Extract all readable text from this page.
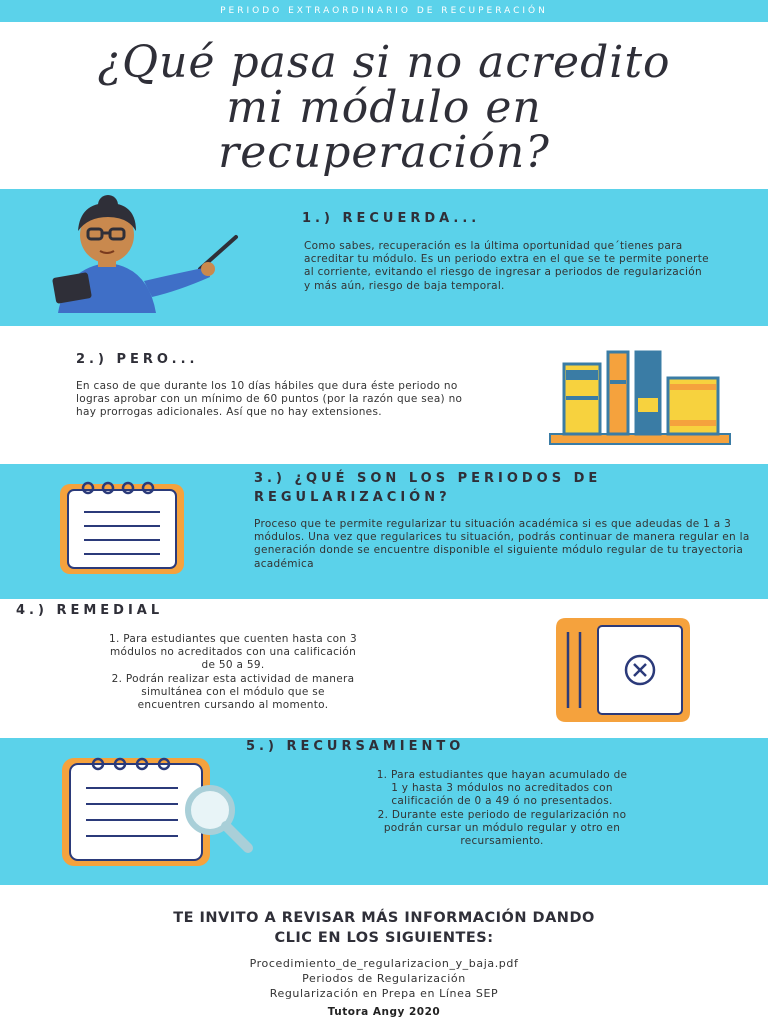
PERIODO EXTRAORDINARIO DE RECUPERACIÓN
¿Qué pasa si no acredito
mi módulo en
recuperación?
1.) RECUERDA...
Como sabes, recuperación es la última oportunidad que´tienes para acreditar tu módulo. Es un periodo extra en el que se te permite ponerte al corriente, evitando el riesgo de ingresar a periodos de regularización y más aún, riesgo de baja temporal.
2.) PERO...
En caso de que durante los 10 días hábiles que dura éste periodo no logras aprobar con un mínimo de 60 puntos (por la razón que sea) no hay prorrogas adicionales. Así que no hay extensiones.
3.) ¿QUÉ SON LOS PERIODOS DE
REGULARIZACIÓN?
Proceso que te permite regularizar tu situación académica si es que adeudas de 1 a 3 módulos. Una vez que regularices tu situación, podrás continuar de manera regular en la generación donde se encuentre disponible el siguiente módulo regular de tu trayectoria académica
4.) REMEDIAL
1. Para estudiantes que cuenten hasta con 3 módulos no acreditados con una calificación de 50 a 59.
2. Podrán realizar esta actividad de manera simultánea con el módulo que se encuentren cursando al momento.
5.) RECURSAMIENTO
1. Para estudiantes que hayan acumulado de 1 y hasta 3 módulos no acreditados con calificación de 0 a 49 ó no presentados.
2. Durante este periodo de regularización no podrán cursar un módulo regular y otro en recursamiento.
TE INVITO A REVISAR MÁS INFORMACIÓN DANDO
CLIC EN LOS SIGUIENTES:
Procedimiento_de_regularizacion_y_baja.pdf
Periodos de Regularización
Regularización en Prepa en Línea SEP
Tutora Angy 2020
